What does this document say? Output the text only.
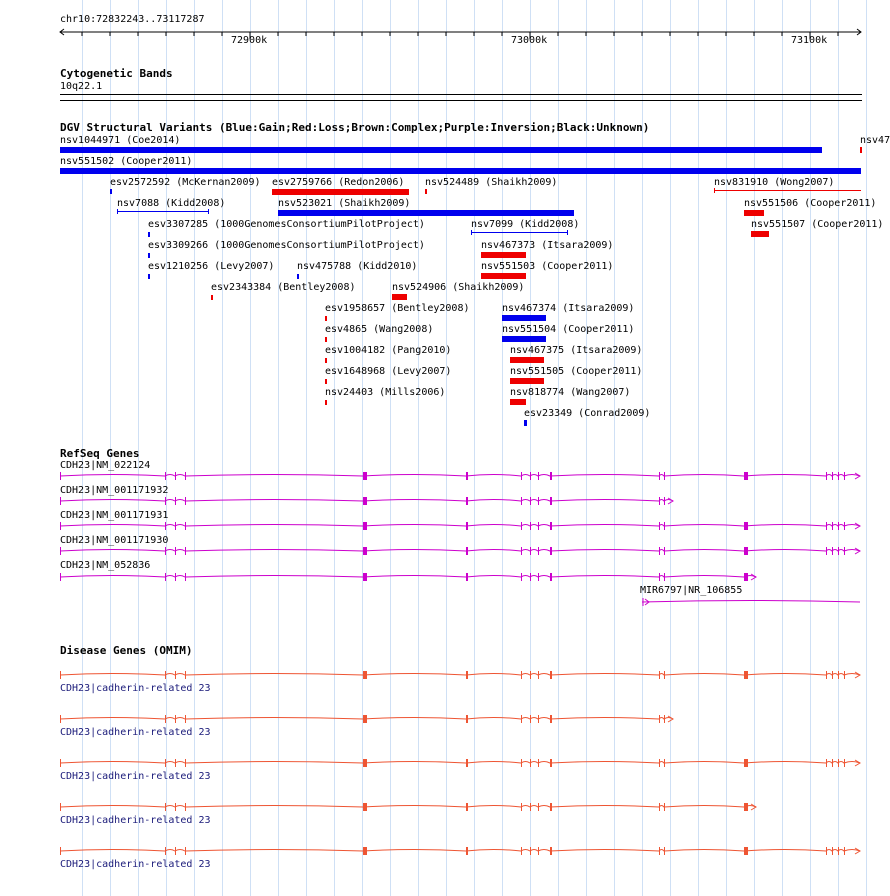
chr10:72832243..73117287
72900k	73000k	73100k
Cytogenetic Bands
10q22.1
DGV Structural Variants (Blue:Gain;Red:Loss;Brown:Complex;Purple:Inversion;Black:Unknown)
nsv1044971 (Coe2014)	nsv47
nsv551502 (Cooper2011)
esv2572592 (McKernan2009) esv2759766 (Redon2006) nsv524489 (Shaikh2009)	nsv831910 (Wong2007)
nsv7088 (Kidd2008)	nsv523021 (Shaikh2009)	nsv551506 (Cooper2011)
esv3307285 (1000GenomesConsortiumPilotProject)	nsv7099 (Kidd2008)	nsv551507 (Cooper2011)
esv3309266 (1000GenomesConsortiumPilotProject)	nsv467373 (Itsara2009)
esv1210256 (Levy2007) nsv475788 (Kidd2010)	nsv551503 (Cooper2011)
esv2343384 (Bentley2008)	nsv524906 (Shaikh2009)
esv1958657 (Bentley2008)	nsv467374 (Itsara2009)
esv4865 (Wang2008)	nsv551504 (Cooper2011)
esv1004182 (Pang2010)	nsv467375 (Itsara2009)
esv1648968 (Levy2007)	nsv551505 (Cooper2011)
nsv24403 (Mills2006)	nsv818774 (Wang2007)
esv23349 (Conrad2009)
RefSeq Genes
CDH23|NM_022124
CDH23|NM_001171932
CDH23|NM_001171931
CDH23|NM_001171930
CDH23|NM_052836
MIR6797|NR_106855
Disease Genes (OMIM)
CDH23|cadherin-related 23
CDH23|cadherin-related 23
CDH23|cadherin-related 23
CDH23|cadherin-related 23
CDH23|cadherin-related 23
